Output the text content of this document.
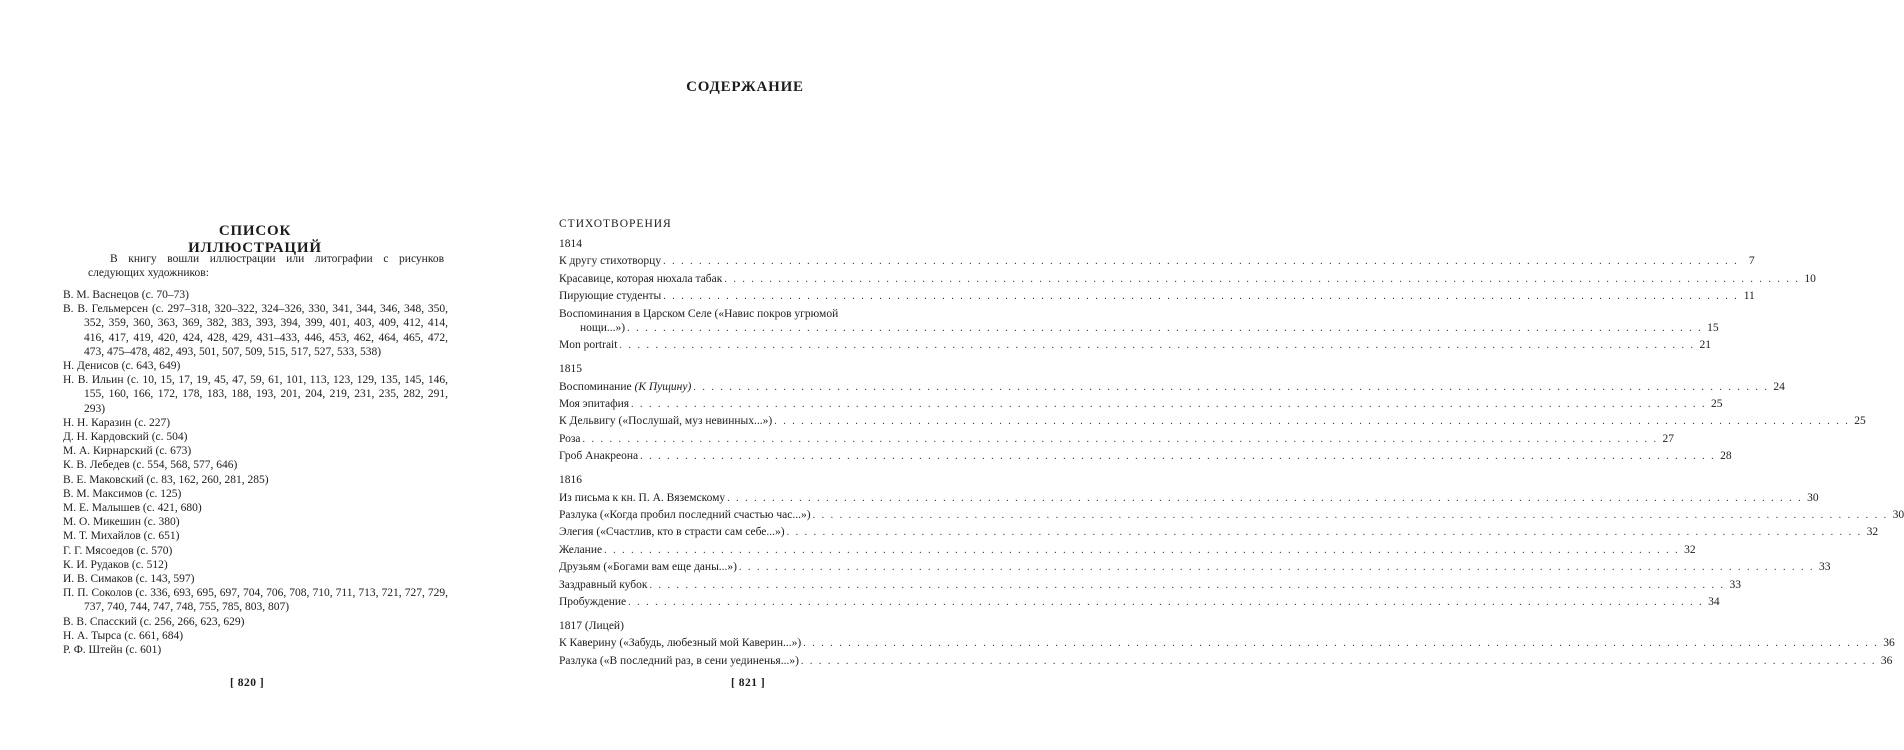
СПИСОК ИЛЛЮСТРАЦИЙ
В книгу вошли иллюстрации или литографии с рисунков следующих художников:
В. М. Васнецов (с. 70–73)
В. В. Гельмерсен (с. 297–318, 320–322, 324–326, 330, 341, 344, 346, 348, 350, 352, 359, 360, 363, 369, 382, 383, 393, 394, 399, 401, 403, 409, 412, 414, 416, 417, 419, 420, 424, 428, 429, 431–433, 446, 453, 462, 464, 465, 472, 473, 475–478, 482, 493, 501, 507, 509, 515, 517, 527, 533, 538)
Н. Денисов (с. 643, 649)
Н. В. Ильин (с. 10, 15, 17, 19, 45, 47, 59, 61, 101, 113, 123, 129, 135, 145, 146, 155, 160, 166, 172, 178, 183, 188, 193, 201, 204, 219, 231, 235, 282, 291, 293)
Н. Н. Каразин (с. 227)
Д. Н. Кардовский (с. 504)
М. А. Кирнарский (с. 673)
К. В. Лебедев (с. 554, 568, 577, 646)
В. Е. Маковский (с. 83, 162, 260, 281, 285)
В. М. Максимов (с. 125)
М. Е. Малышев (с. 421, 680)
М. О. Микешин (с. 380)
М. Т. Михайлов (с. 651)
Г. Г. Мясоедов (с. 570)
К. И. Рудаков (с. 512)
И. В. Симаков (с. 143, 597)
П. П. Соколов (с. 336, 693, 695, 697, 704, 706, 708, 710, 711, 713, 721, 727, 729, 737, 740, 744, 747, 748, 755, 785, 803, 807)
В. В. Спасский (с. 256, 266, 623, 629)
Н. А. Тырса (с. 661, 684)
Р. Ф. Штейн (с. 601)
[ 820 ]
СОДЕРЖАНИЕ
СТИХОТВОРЕНИЯ
1814
К другу стихотворцу . . . . . . . . . . . . . . . . . . . . . . . . . . . . . . . . . . . . . . . . . . . . . . . . . . . . . . . . . . . . . . . . . . . . . . . . . . . . . . . . . . . . . . . . . . . . . . . . . . . . . . . . . . . . . . . . . . . . . . . . 7
Красавице, которая нюхала табак . . . . . . . . . . . . . . . . . . . . . . . . . . . . . . . . . . . . . . . . . . . . . . . . . . . . . . . . . . . . . . . . . . . . . . . . . . . . . . . . . . . . . . . . . . . . . . . . . . . . . . . . . . . . . . . . . . . . . . . . 10
Пирующие студенты . . . . . . . . . . . . . . . . . . . . . . . . . . . . . . . . . . . . . . . . . . . . . . . . . . . . . . . . . . . . . . . . . . . . . . . . . . . . . . . . . . . . . . . . . . . . . . . . . . . . . . . . . . . . . . . . . . . . . . . . 11
Воспоминания в Царском Селе («Навис покров угрюмой
нощи...») . . . . . . . . . . . . . . . . . . . . . . . . . . . . . . . . . . . . . . . . . . . . . . . . . . . . . . . . . . . . . . . . . . . . . . . . . . . . . . . . . . . . . . . . . . . . . . . . . . . . . . . . . . . . . . . . . . . . . . . . 15
Mon portrait . . . . . . . . . . . . . . . . . . . . . . . . . . . . . . . . . . . . . . . . . . . . . . . . . . . . . . . . . . . . . . . . . . . . . . . . . . . . . . . . . . . . . . . . . . . . . . . . . . . . . . . . . . . . . . . . . . . . . . . . 21
1815
Воспоминание (К Пущину) . . . . . . . . . . . . . . . . . . . . . . . . . . . . . . . . . . . . . . . . . . . . . . . . . . . . . . . . . . . . . . . . . . . . . . . . . . . . . . . . . . . . . . . . . . . . . . . . . . . . . . . . . . . . . . . . . . . . . . . . 24
Моя эпитафия . . . . . . . . . . . . . . . . . . . . . . . . . . . . . . . . . . . . . . . . . . . . . . . . . . . . . . . . . . . . . . . . . . . . . . . . . . . . . . . . . . . . . . . . . . . . . . . . . . . . . . . . . . . . . . . . . . . . . . . . 25
К Дельвигу («Послушай, муз невинных...») . . . . . . . . . . . . . . . . . . . . . . . . . . . . . . . . . . . . . . . . . . . . . . . . . . . . . . . . . . . . . . . . . . . . . . . . . . . . . . . . . . . . . . . . . . . . . . . . . . . . . . . . . . . . . . . . . . . . . . . . 25
Роза . . . . . . . . . . . . . . . . . . . . . . . . . . . . . . . . . . . . . . . . . . . . . . . . . . . . . . . . . . . . . . . . . . . . . . . . . . . . . . . . . . . . . . . . . . . . . . . . . . . . . . . . . . . . . . . . . . . . . . . . 27
Гроб Анакреона . . . . . . . . . . . . . . . . . . . . . . . . . . . . . . . . . . . . . . . . . . . . . . . . . . . . . . . . . . . . . . . . . . . . . . . . . . . . . . . . . . . . . . . . . . . . . . . . . . . . . . . . . . . . . . . . . . . . . . . . 28
1816
Из письма к кн. П. А. Вяземскому . . . . . . . . . . . . . . . . . . . . . . . . . . . . . . . . . . . . . . . . . . . . . . . . . . . . . . . . . . . . . . . . . . . . . . . . . . . . . . . . . . . . . . . . . . . . . . . . . . . . . . . . . . . . . . . . . . . . . . . . 30
Разлука («Когда пробил последний счастью час...») . . . . . . . . . . . . . . . . . . . . . . . . . . . . . . . . . . . . . . . . . . . . . . . . . . . . . . . . . . . . . . . . . . . . . . . . . . . . . . . . . . . . . . . . . . . . . . . . . . . . . . . . . . . . . . . . . . . . . . . . 30
Элегия («Счастлив, кто в страсти сам себе...») . . . . . . . . . . . . . . . . . . . . . . . . . . . . . . . . . . . . . . . . . . . . . . . . . . . . . . . . . . . . . . . . . . . . . . . . . . . . . . . . . . . . . . . . . . . . . . . . . . . . . . . . . . . . . . . . . . . . . . . . 32
Желание . . . . . . . . . . . . . . . . . . . . . . . . . . . . . . . . . . . . . . . . . . . . . . . . . . . . . . . . . . . . . . . . . . . . . . . . . . . . . . . . . . . . . . . . . . . . . . . . . . . . . . . . . . . . . . . . . . . . . . . . 32
Друзьям («Богами вам еще даны...») . . . . . . . . . . . . . . . . . . . . . . . . . . . . . . . . . . . . . . . . . . . . . . . . . . . . . . . . . . . . . . . . . . . . . . . . . . . . . . . . . . . . . . . . . . . . . . . . . . . . . . . . . . . . . . . . . . . . . . . . 33
Заздравный кубок . . . . . . . . . . . . . . . . . . . . . . . . . . . . . . . . . . . . . . . . . . . . . . . . . . . . . . . . . . . . . . . . . . . . . . . . . . . . . . . . . . . . . . . . . . . . . . . . . . . . . . . . . . . . . . . . . . . . . . . . 33
Пробуждение . . . . . . . . . . . . . . . . . . . . . . . . . . . . . . . . . . . . . . . . . . . . . . . . . . . . . . . . . . . . . . . . . . . . . . . . . . . . . . . . . . . . . . . . . . . . . . . . . . . . . . . . . . . . . . . . . . . . . . . . 34
1817 (Лицей)
К Каверину («Забудь, любезный мой Каверин...») . . . . . . . . . . . . . . . . . . . . . . . . . . . . . . . . . . . . . . . . . . . . . . . . . . . . . . . . . . . . . . . . . . . . . . . . . . . . . . . . . . . . . . . . . . . . . . . . . . . . . . . . . . . . . . . . . . . . . . . . 36
Разлука («В последний раз, в сени уединенья...») . . . . . . . . . . . . . . . . . . . . . . . . . . . . . . . . . . . . . . . . . . . . . . . . . . . . . . . . . . . . . . . . . . . . . . . . . . . . . . . . . . . . . . . . . . . . . . . . . . . . . . . . . . . . . . . . . . . . . . . . 36
[ 821 ]
